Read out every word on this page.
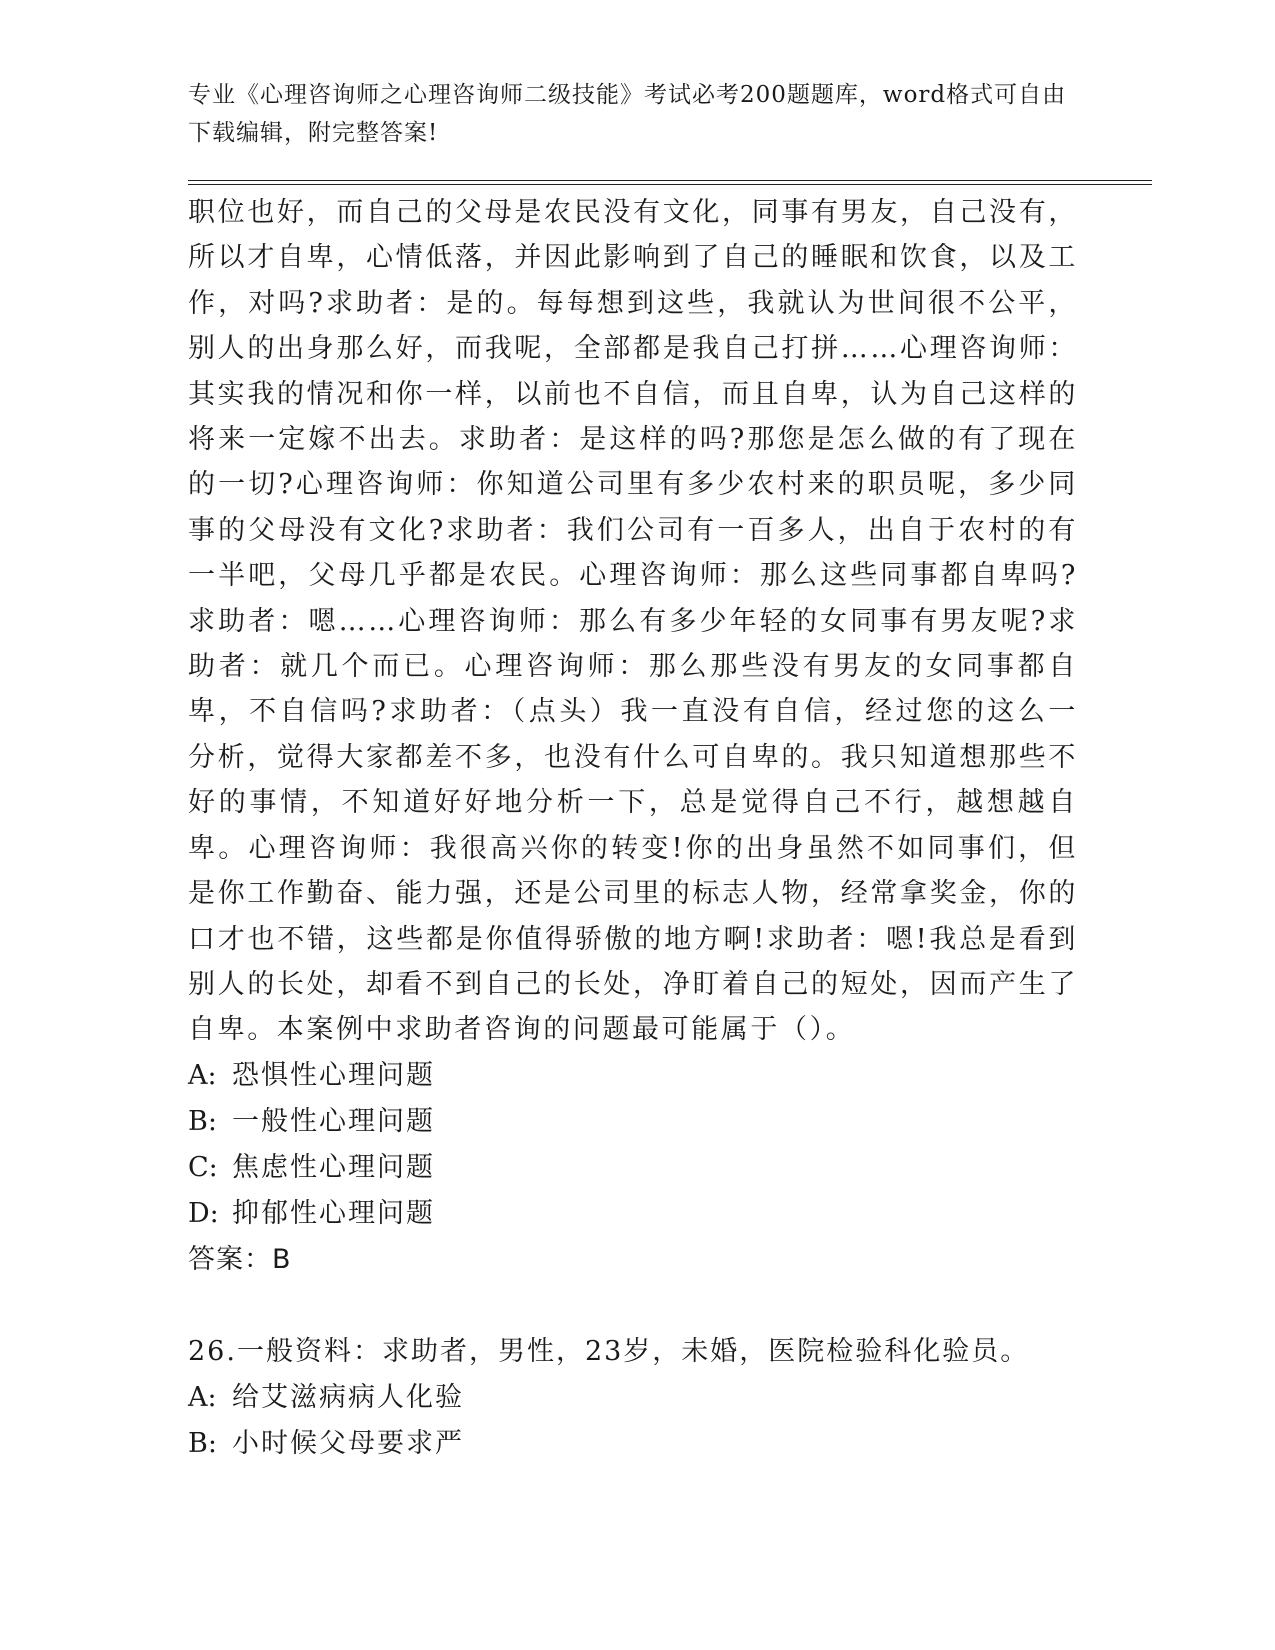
专业《心理咨询师之心理咨询师二级技能》考试必考200题题库，word格式可自由下载编辑，附完整答案!

职位也好，而自己的父母是农民没有文化，同事有男友，自己没有，所以才自卑，心情低落，并因此影响到了自己的睡眠和饮食，以及工作，对吗?求助者：是的。每每想到这些，我就认为世间很不公平，别人的出身那么好，而我呢，全部都是我自己打拼……心理咨询师：其实我的情况和你一样，以前也不自信，而且自卑，认为自己这样的将来一定嫁不出去。求助者：是这样的吗?那您是怎么做的有了现在的一切?心理咨询师：你知道公司里有多少农村来的职员呢，多少同事的父母没有文化?求助者：我们公司有一百多人，出自于农村的有一半吧，父母几乎都是农民。心理咨询师：那么这些同事都自卑吗?求助者：嗯……心理咨询师：那么有多少年轻的女同事有男友呢?求助者：就几个而已。心理咨询师：那么那些没有男友的女同事都自卑，不自信吗?求助者：（点头）我一直没有自信，经过您的这么一分析，觉得大家都差不多，也没有什么可自卑的。我只知道想那些不好的事情，不知道好好地分析一下，总是觉得自己不行，越想越自卑。心理咨询师：我很高兴你的转变!你的出身虽然不如同事们，但是你工作勤奋、能力强，还是公司里的标志人物，经常拿奖金，你的口才也不错，这些都是你值得骄傲的地方啊!求助者：嗯!我总是看到别人的长处，却看不到自己的长处，净盯着自己的短处，因而产生了自卑。本案例中求助者咨询的问题最可能属于（）。

A: 恐惧性心理问题

B: 一般性心理问题

C: 焦虑性心理问题

D: 抑郁性心理问题

答案：B

26.一般资料：求助者，男性，23岁，未婚，医院检验科化验员。

A: 给艾滋病病人化验

B: 小时候父母要求严
